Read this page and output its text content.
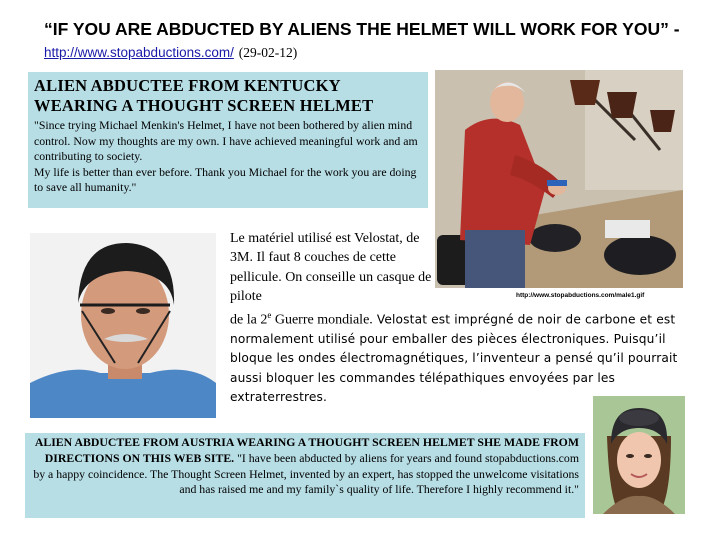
“IF YOU ARE ABDUCTED BY ALIENS THE HELMET WILL WORK FOR YOU” - http://www.stopabductions.com/ (29-02-12)
ALIEN ABDUCTEE FROM KENTUCKY
WEARING A THOUGHT SCREEN HELMET
"Since trying Michael Menkin's Helmet, I have not been bothered by alien mind control. Now my thoughts are my own. I have achieved meaningful work and am contributing to society.
My life is better than ever before. Thank you Michael for the work you are doing to save all humanity."
http://www.stopabductions.com/male1.gif
Le matériel utilisé est Velostat, de 3M. Il faut 8 couches de cette pellicule. On conseille un casque de pilote
de la 2e Guerre mondiale. Velostat est imprégné de noir de carbone et est normalement utilisé pour emballer des pièces électroniques. Puisqu’il bloque les ondes électromagnétiques, l’inventeur a pensé qu’il pourrait aussi bloquer les commandes télépathiques envoyées par les extraterrestres.
ALIEN ABDUCTEE FROM AUSTRIA WEARING A THOUGHT SCREEN HELMET SHE MADE FROM DIRECTIONS ON THIS WEB SITE. "I have been abducted by aliens for years and found stopabductions.com by a happy coincidence. The Thought Screen Helmet, invented by an expert, has stopped the unwelcome visitations and has raised me and my family`s quality of life. Therefore I highly recommend it."
